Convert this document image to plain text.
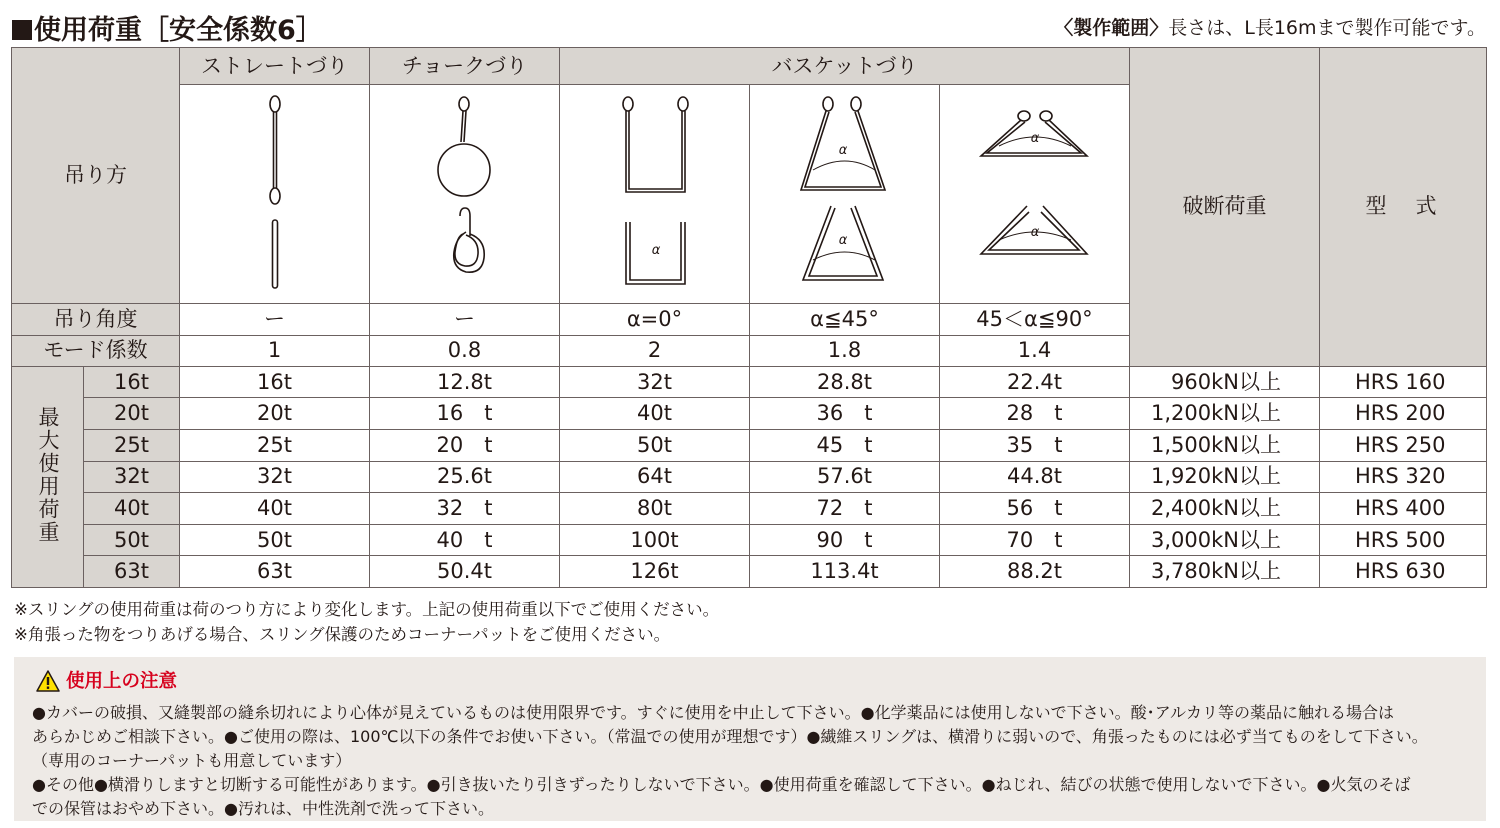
使用荷重［安全係数6］	〈製作範囲〉長さは、L長16mまで製作可能です。
吊り方		ストレートづり	チョークづり	バスケットづり			破断荷重	型　式

α	α
α	α
α		

吊り角度		ー	ー	α=0°	α≦45°	45＜α≦90°		
モード係数		1	0.8	2	1.8	1.4		
最大使用荷重	16t	16t	12.8t	32t	28.8t	22.4t	960kN以上	HRS 160
	20t	20t	16　t	40t	36　t	28　t	1,200kN以上	HRS 200
	25t	25t	20　t	50t	45　t	35　t	1,500kN以上	HRS 250
	32t	32t	25.6t	64t	57.6t	44.8t	1,920kN以上	HRS 320
	40t	40t	32　t	80t	72　t	56　t	2,400kN以上	HRS 400
	50t	50t	40　t	100t	90　t	70　t	3,000kN以上	HRS 500
	63t	63t	50.4t	126t	113.4t	88.2t	3,780kN以上	HRS 630
※スリングの使用荷重は荷のつり方により変化します。上記の使用荷重以下でご使用ください。
※角張った物をつりあげる場合、スリング保護のためコーナーパットをご使用ください。
使用上の注意
●カバーの破損、又縫製部の縫糸切れにより心体が見えているものは使用限界です。すぐに使用を中止して下さい。●化学薬品には使用しないで下さい。酸･アルカリ等の薬品に触れる場合は
あらかじめご相談下さい。●ご使用の際は、100℃以下の条件でお使い下さい。（常温での使用が理想です）●繊維スリングは、横滑りに弱いので、角張ったものには必ず当てものをして下さい。
（専用のコーナーパットも用意しています）
●その他●横滑りしますと切断する可能性があります。●引き抜いたり引きずったりしないで下さい。●使用荷重を確認して下さい。●ねじれ、結びの状態で使用しないで下さい。●火気のそば
での保管はおやめ下さい。●汚れは、中性洗剤で洗って下さい。
